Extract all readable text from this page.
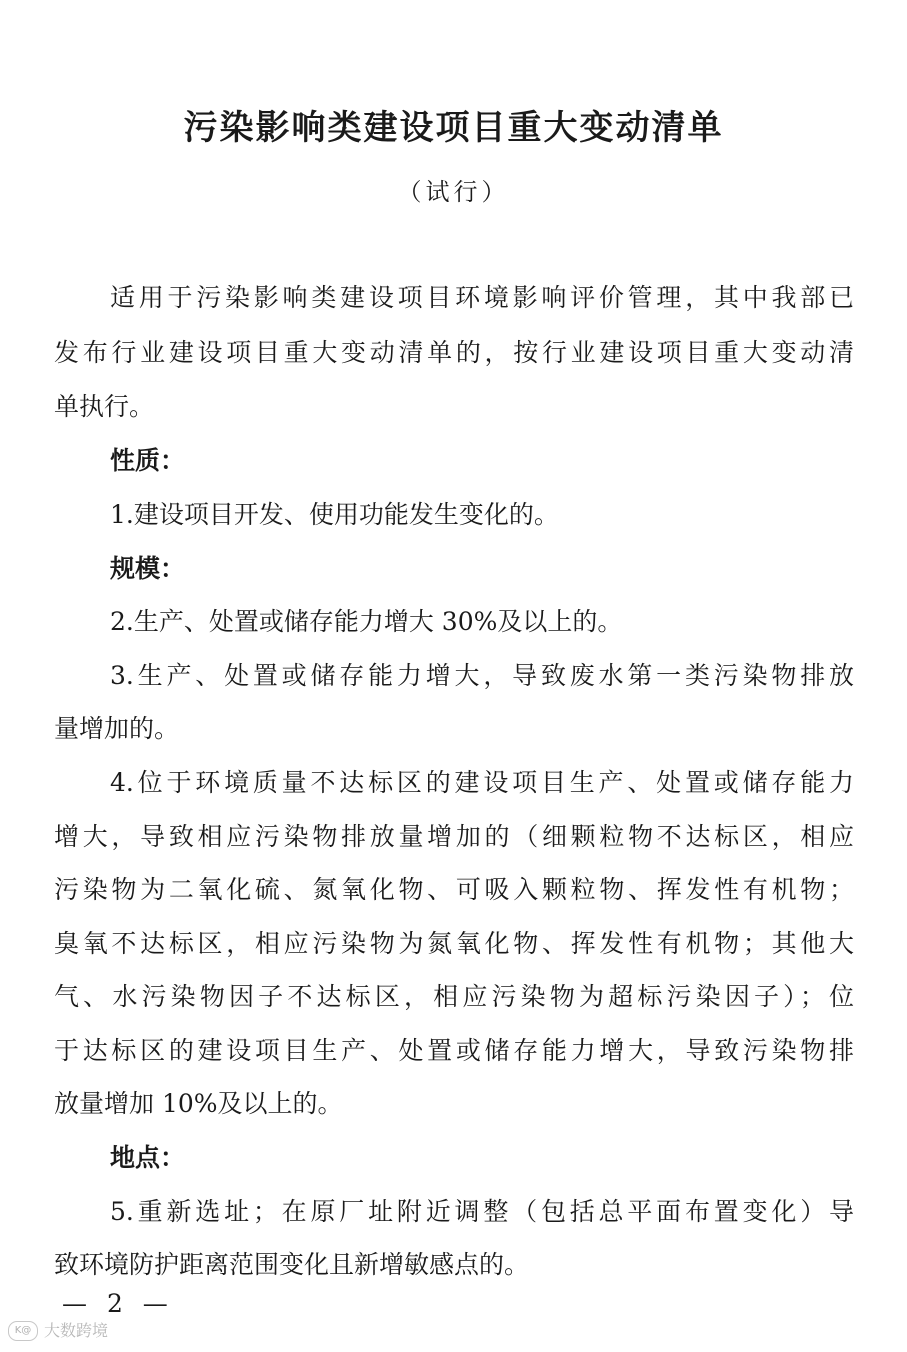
污染影响类建设项目重大变动清单
（试行）
适用于污染影响类建设项目环境影响评价管理，其中我部已
发布行业建设项目重大变动清单的，按行业建设项目重大变动清
单执行。
性质：
1.建设项目开发、使用功能发生变化的。
规模：
2.生产、处置或储存能力增大 30%及以上的。
3.生产、处置或储存能力增大，导致废水第一类污染物排放
量增加的。
4.位于环境质量不达标区的建设项目生产、处置或储存能力
增大，导致相应污染物排放量增加的（细颗粒物不达标区，相应
污染物为二氧化硫、氮氧化物、可吸入颗粒物、挥发性有机物；
臭氧不达标区，相应污染物为氮氧化物、挥发性有机物；其他大
气、水污染物因子不达标区，相应污染物为超标污染因子）；位
于达标区的建设项目生产、处置或储存能力增大，导致污染物排
放量增加 10%及以上的。
地点：
5.重新选址；在原厂址附近调整（包括总平面布置变化）导
致环境防护距离范围变化且新增敏感点的。
— 2 —
K@ 大数跨境
